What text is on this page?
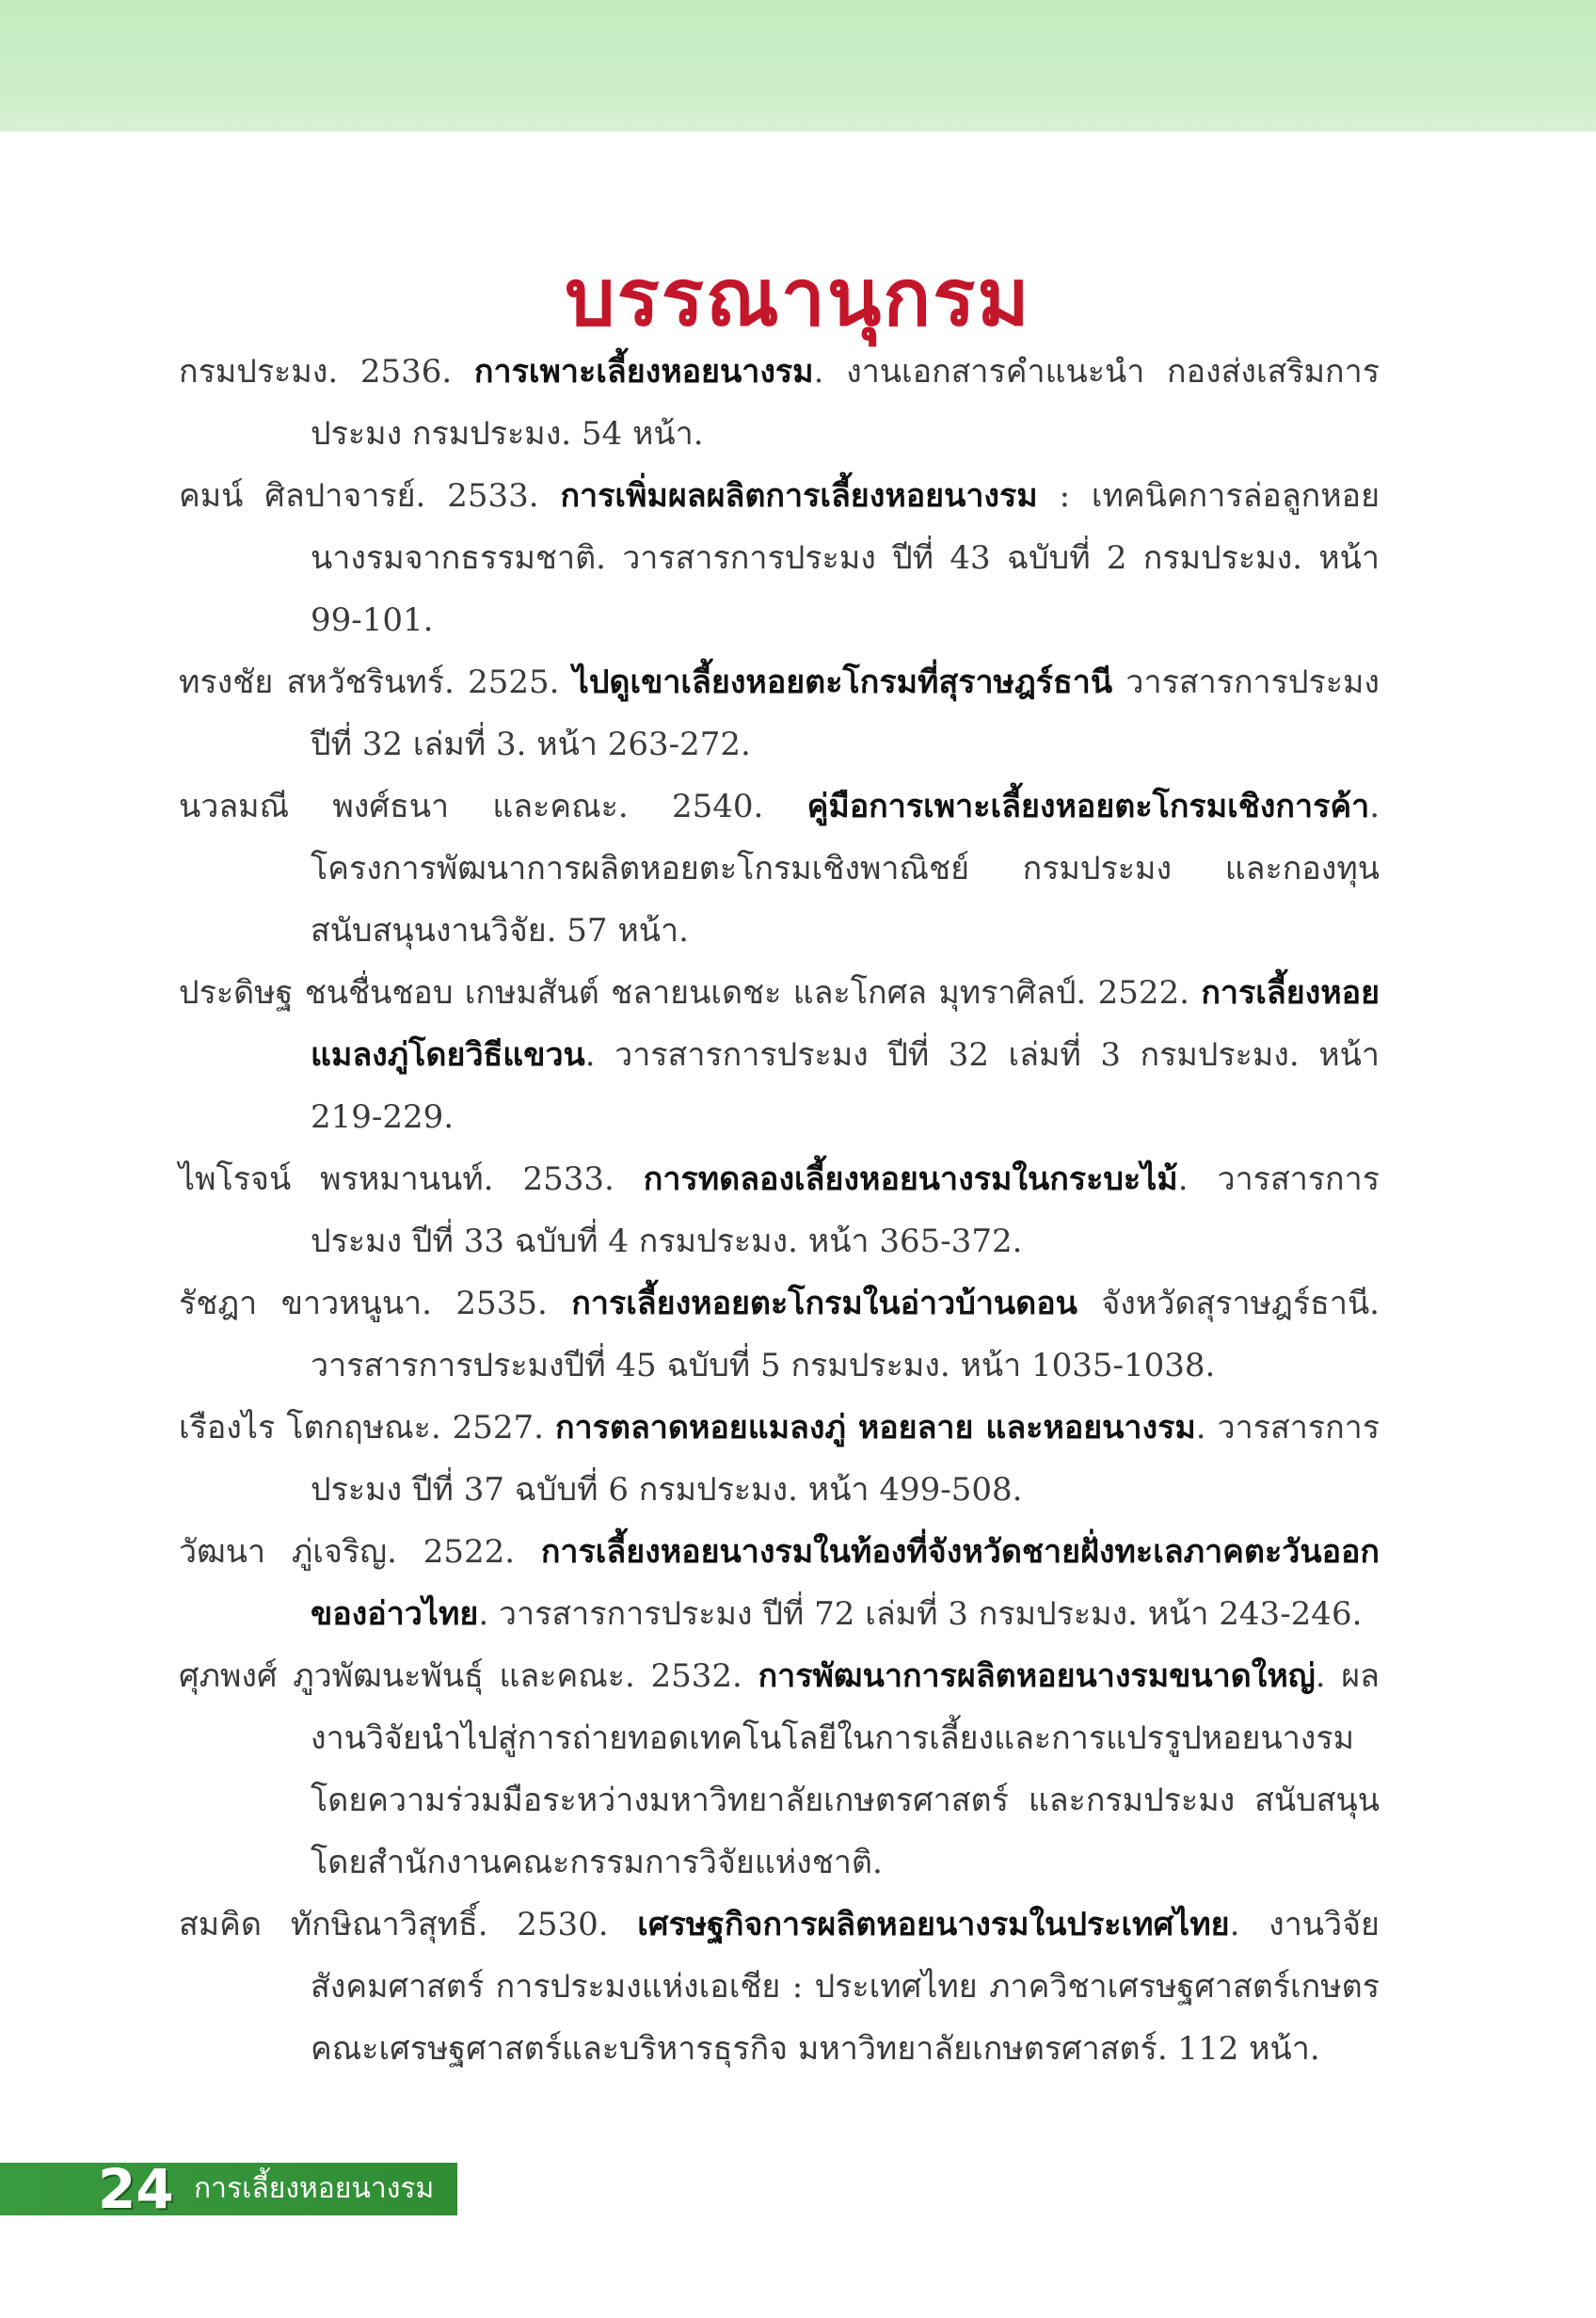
บรรณานุกรม

กรมประมง. 2536. การเพาะเลี้ยงหอยนางรม. งานเอกสารคำแนะนำ กองส่งเสริมการประมง กรมประมง. 54 หน้า.

คมน์ ศิลปาจารย์. 2533. การเพิ่มผลผลิตการเลี้ยงหอยนางรม : เทคนิคการล่อลูกหอยนางรมจากธรรมชาติ. วารสารการประมง ปีที่ 43 ฉบับที่ 2 กรมประมง. หน้า 99-101.

ทรงชัย สหวัชรินทร์. 2525. ไปดูเขาเลี้ยงหอยตะโกรมที่สุราษฎร์ธานี วารสารการประมง ปีที่ 32 เล่มที่ 3. หน้า 263-272.

นวลมณี พงศ์ธนา และคณะ. 2540. คู่มือการเพาะเลี้ยงหอยตะโกรมเชิงการค้า. โครงการพัฒนาการผลิตหอยตะโกรมเชิงพาณิชย์ กรมประมง และกองทุนสนับสนุนงานวิจัย. 57 หน้า.

ประดิษฐ ชนชื่นชอบ เกษมสันต์ ชลายนเดชะ และโกศล มุทราศิลป์. 2522. การเลี้ยงหอยแมลงภู่โดยวิธีแขวน. วารสารการประมง ปีที่ 32 เล่มที่ 3 กรมประมง. หน้า 219-229.

ไพโรจน์ พรหมานนท์. 2533. การทดลองเลี้ยงหอยนางรมในกระบะไม้. วารสารการประมง ปีที่ 33 ฉบับที่ 4 กรมประมง. หน้า 365-372.

รัชฎา ขาวหนูนา. 2535. การเลี้ยงหอยตะโกรมในอ่าวบ้านดอน จังหวัดสุราษฎร์ธานี. วารสารการประมงปีที่ 45 ฉบับที่ 5 กรมประมง. หน้า 1035-1038.

เรืองไร โตกฤษณะ. 2527. การตลาดหอยแมลงภู่ หอยลาย และหอยนางรม. วารสารการประมง ปีที่ 37 ฉบับที่ 6 กรมประมง. หน้า 499-508.

วัฒนา ภู่เจริญ. 2522. การเลี้ยงหอยนางรมในท้องที่จังหวัดชายฝั่งทะเลภาคตะวันออกของอ่าวไทย. วารสารการประมง ปีที่ 72 เล่มที่ 3 กรมประมง. หน้า 243-246.

ศุภพงศ์ ภูวพัฒนะพันธุ์ และคณะ. 2532. การพัฒนาการผลิตหอยนางรมขนาดใหญ่. ผลงานวิจัยนำไปสู่การถ่ายทอดเทคโนโลยีในการเลี้ยงและการแปรรูปหอยนางรม โดยความร่วมมือระหว่างมหาวิทยาลัยเกษตรศาสตร์ และกรมประมง สนับสนุนโดยสำนักงานคณะกรรมการวิจัยแห่งชาติ.

สมคิด ทักษิณาวิสุทธิ์. 2530. เศรษฐกิจการผลิตหอยนางรมในประเทศไทย. งานวิจัยสังคมศาสตร์ การประมงแห่งเอเชีย : ประเทศไทย ภาควิชาเศรษฐศาสตร์เกษตร คณะเศรษฐศาสตร์และบริหารธุรกิจ มหาวิทยาลัยเกษตรศาสตร์. 112 หน้า.

24 การเลี้ยงหอยนางรม
